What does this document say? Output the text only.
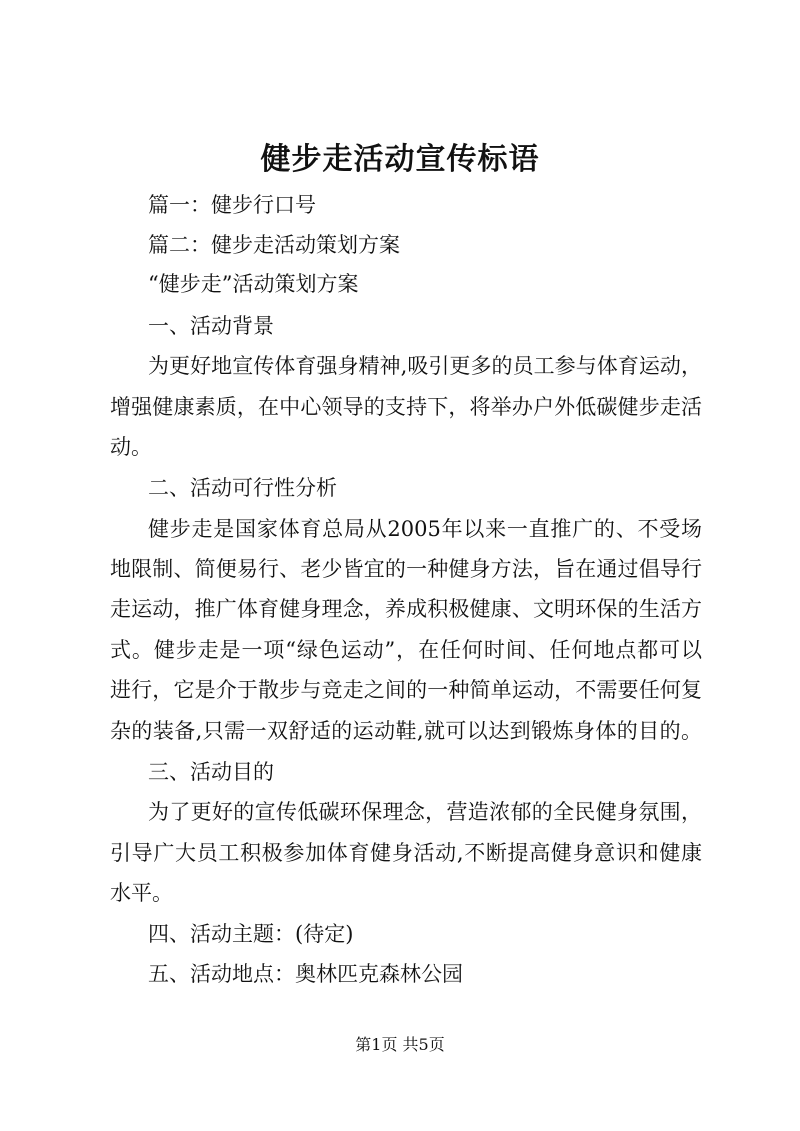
健步走活动宣传标语
篇一：健步行口号
篇二：健步走活动策划方案
“健步走”活动策划方案
一、活动背景
为更好地宣传体育强身精神,吸引更多的员工参与体育运动，
增强健康素质，在中心领导的支持下，将举办户外低碳健步走活
动。
二、活动可行性分析
健步走是国家体育总局从2005年以来一直推广的、不受场
地限制、简便易行、老少皆宜的一种健身方法，旨在通过倡导行
走运动，推广体育健身理念，养成积极健康、文明环保的生活方
式。健步走是一项“绿色运动”，在任何时间、任何地点都可以
进行，它是介于散步与竞走之间的一种简单运动，不需要任何复
杂的装备,只需一双舒适的运动鞋,就可以达到锻炼身体的目的。
三、活动目的
为了更好的宣传低碳环保理念，营造浓郁的全民健身氛围，
引导广大员工积极参加体育健身活动,不断提高健身意识和健康
水平。
四、活动主题：(待定)
五、活动地点：奥林匹克森林公园
第1页 共5页
